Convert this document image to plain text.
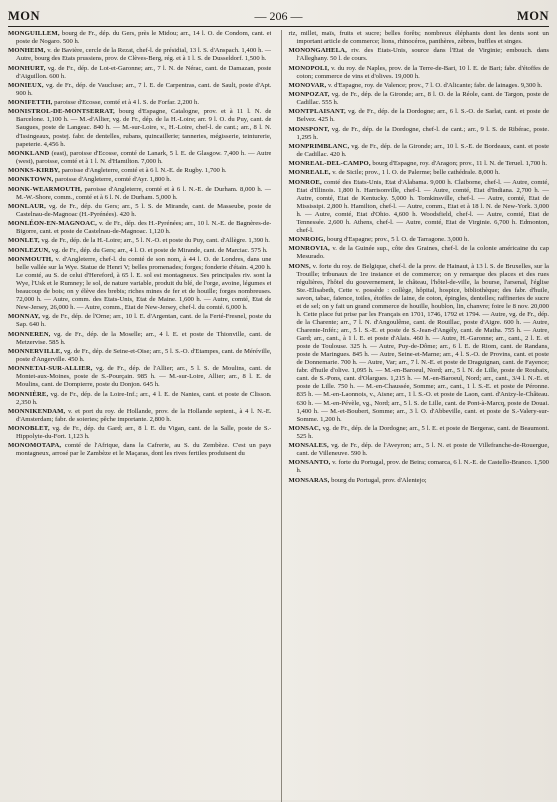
MON	— 206 —	MON

MONGUILLEM, bourg de Fr., dép. du Gers, près le Midou; arr., 14 l. O. de Condom, cant. et poste de Nogaro. 500 h.

MONHEIM, v. de Bavière, cercle de la Rezat, chef-l. de présidial, 13 l. S. d'Anspach. 1,400 h. — Autre, bourg des Etats prussiens, prov. de Clèves-Berg, rég. et à 1 l. S. de Dusseldorf. 1,500 h.

MONHURT, vg. de Fr., dép. de Lot-et-Garonne; arr., 7 l. N. de Nérac, cant. de Damazan, poste d'Aiguillon. 600 h.

MONIEUX, vg. de Fr., dép. de Vaucluse; arr., 7 l. E. de Carpentras, cant. de Sault, poste d'Apt. 900 h.

MONIFETTH, paroisse d'Ecosse, comté et à 4 l. S. de Forfar. 2,200 h.

MONISTROL-DE-MONTSERRAT, bourg d'Espagne, Catalogne, prov. et à 11 l. N. de Barcelone. 1,100 h. — M.-d'Allier, vg. de Fr., dép. de la H.-Loire; arr. 9 l. O. du Puy, cant. de Saugues, poste de Langeac. 840 h. — M.-sur-Loire, v., H.-Loire, chef-l. de cant.; arr., 8 l. N. d'Issingeaux, postej. fabr. de dentelles, rubans, quincaillerie; tanneries, mégisserie, teinturerie, papeterie. 4,456 h.

MONKLAND (east), paroisse d'Ecosse, comté de Lanark, 5 l. E. de Glasgow. 7,400 h. — Autre (west), paroisse, comté et à 1 l. N. d'Hamilton. 7,000 h.

MONKS-KIRBY, paroisse d'Angleterre, comté et à 6 l. N.-E. de Rugby. 1,700 h.

MONKTOWN, paroisse d'Angleterre, comté d'Ayr. 1,800 h.

MONK-WEARMOUTH, paroisse d'Angleterre, comté et à 6 l. N.-E. de Durham. 8,000 h. — M.-W.-Shore, comm., comté et à 6 l. N. de Durham. 5,000 h.

MONLAUR, vg. de Fr., dép. du Gers; arr., 5 l. S. de Mirande, cant. de Masseube, poste de Castelnau-de-Magnoac (H.-Pyrénées). 420 h.

MONLÉON-EN-MAGNOAC, v. de Fr., dép. des H.-Pyrénées; arr., 10 l. N.-E. de Bagnères-de-Bigorre, cant. et poste de Castelnau-de-Magnoac. 1,120 h.

MONLET, vg. de Fr., dép. de la H.-Loire; arr., 5 l. N.-O. et poste du Puy, cant. d'Allègre. 1,390 h.

MONLEZUN, vg. de Fr., dép. du Gers; arr., 4 l. O. et poste de Mirande, cant. de Marciac. 575 h.

MONMOUTH, v. d'Angleterre, chef-l. du comté de son nom, à 44 l. O. de Londres, dans une belle vallée sur la Wye. Statue de Henri V; belles promenades; forges; fonderie d'étain. 4,200 h. Le comté, au S. de celui d'Hereford, à 65 l. E. sol est montagneux. Ses principales riv. sont la Wye, l'Usk et le Rumney; le sol, de nature variable, produit du blé, de l'orge, avoine, légumes et beaucoup de bois; on y élève des brebis; riches mines de fer et de houille; forges nombreuses. 72,000 h. — Autre, comm. des Etats-Unis, Etat de Maine. 1,600 h. — Autre, comté, Etat de New-Jersey, 26,000 h. — Autre, comm., Etat de New-Jersey, chef-l. du comté. 6,000 h.

MONNAY, vg. de Fr., dép. de l'Orne; arr., 10 l. E. d'Argentan, cant. de la Ferté-Fresnel, poste du Sap. 640 h.

MONNEREN, vg. de Fr., dép. de la Moselle; arr., 4 l. E. et poste de Thionville, cant. de Metzervise. 585 h.

MONNERVILLE, vg. de Fr., dép. de Seine-et-Oise; arr., 5 l. S.-O. d'Etampes, cant. de Méréville, poste d'Angerville. 450 h.

MONNETAI-SUR-ALLIER, vg. de Fr., dép. de l'Allier; arr., 5 l. S. de Moulins, cant. de Montet-aux-Moines, poste de S.-Pourçain. 985 h. — M.-sur-Loire, Allier; arr., 8 l. E. de Moulins, cant. de Dompierre, poste du Donjon. 645 h.

MONNIÈRE, vg. de Fr., dép. de la Loire-Inf.; arr., 4 l. E. de Nantes, cant. et poste de Clisson. 2,350 h.

MONNIKENDAM, v. et port du roy. de Hollande, prov. de la Hollande septent., à 4 l. N.-E. d'Amsterdam; fabr. de soieries; pêche importante. 2,800 h.

MONOBLET, vg. de Fr., dép. du Gard; arr., 8 l. E. du Vigan, cant. de la Salle, poste de S.-Hippolyte-du-Fort. 1,123 h.

MONOMOTAPA, comté de l'Afrique, dans la Cafrerie, au S. du Zembèze. C'est un pays montagneux, arrosé par le Zambèze et le Maçaras, dont les rives fertiles produisent du

riz, millet, maïs, fruits et sucre; belles forêts; nombreux éléphants dont les dents sont un important article de commerce; lions, rhinocéros, panthères, zèbres, buffles et singes.

MONONGAHELA, riv. des Etats-Unis, source dans l'Etat de Virginie; embouch. dans l'Alleghany. 50 l. de cours.

MONOPOLI, v. du roy. de Naples, prov. de la Terre-de-Bari, 10 l. E. de Bari; fabr. d'étoffes de coton; commerce de vins et d'olives. 19,000 h.

MONOVAR, v. d'Espagne, roy. de Valence; prov., 7 l. O. d'Alicante; fabr. de lainages. 9,300 h.

MONPOZAT, vg. de Fr., dép. de la Gironde; arr., 8 l. O. de la Réole, cant. de Targon, poste de Cadillac. 555 h.

MONTPLAISANT, vg. de Fr., dép. de la Dordogne; arr., 6 l. S.-O. de Sarlat, cant. et poste de Belvez. 425 h.

MONSPONT, vg. de Fr., dép. de la Dordogne, chef-l. de cant.; arr., 9 l. S. de Ribérac, poste. 1,295 h.

MONPRIMBLANC, vg. de Fr., dép. de la Gironde; arr., 10 l. S.-E. de Bordeaux, cant. et poste de Cadillac. 420 h.

MONREAL-DEL-CAMPO, bourg d'Espagne, roy. d'Aragon; prov., 11 l. N. de Teruel. 1,700 h.

MONREALE, v. de Sicile; prov., 1 l. O. de Palerme; belle cathédrale. 8,000 h.

MONROE, comté des Etats-Unis, Etat d'Alabama. 9,000 h. Claiborne, chef-l. — Autre, comté, Etat d'Illinois. 1,800 h. Harrisonville, chef-l. — Autre, comté, Etat d'Indiana. 2,700 h. — Autre, comté, Etat de Kentucky. 5,000 h. Tomkinsville, chef-l. — Autre, comté, Etat de Mississipi. 2,800 h. Hamilton, chef-l. — Autre, comm., Etat et à 18 l. N. de New-York. 3,000 h. — Autre, comté, Etat d'Ohio. 4,600 h. Woodsfield, chef-l. — Autre, comté, Etat de Tennessée. 2,600 h. Athens, chef-l. — Autre, comté, Etat de Virginie. 6,700 h. Edmonton, chef-l.

MONROIG, bourg d'Espagne; prov., 5 l. O. de Tarragone. 3,000 h.

MONROVIA, v. de la Guinée sup., côte des Graines, chef-l. de la colonie américaine du cap Mesurado.

MONS, v. forte du roy. de Belgique, chef-l. de la prov. de Hainaut, à 13 l. S. de Bruxelles, sur la Trouille; tribunaux de 1re instance et de commerce; on y remarque des places et des rues régulières, l'hôtel du gouvernement, le château, l'hôtel-de-ville, la bourse, l'arsenal, l'église Ste.-Elisabeth, Cette v. possède : collège, hôpital, hospice, bibliothèque; des fabr. d'huile, savon, tabac, faïence, toiles, étoffes de laine, de coton, épingles, dentelles; raffineries de sucre et de sel; on y fait un grand commerce de houille, houblon, lin, chanvre; foire le 8 nov. 20,000 h. Cette place fut prise par les Français en 1701, 1746, 1792 et 1794. — Autre, vg. de Fr., dép. de la Charente; arr., 7 l. N. d'Angoulême, cant. de Rouillac, poste d'Aigre. 600 h. — Autre, Charente-Infér.; arr., 5 l. S.-E. et poste de S.-Jean-d'Angély, cant. de Matha. 755 h. — Autre, Gard; arr., cant., à 1 l. E. et poste d'Alais. 460 h. — Autre, H.-Garonne; arr., cant., 2 l. E. et poste de Toulouse. 325 h. — Autre, Puy-de-Dôme; arr., 6 l. E. de Riom, cant. de Randans, poste de Maringues. 845 h. — Autre, Seine-et-Marne; arr., 4 l. S.-O. de Provins, cant. et poste de Donnemarie. 700 h. — Autre, Var; arr., 7 l. N.-E. et poste de Draguignan, cant. de Fayence; fabr. d'huile d'olive. 1,095 h. — M.-en-Baroeul, Nord; arr., 5 l. N. de Lille, poste de Roubaix, cant. de S.-Pons, cant. d'Olargues. 1,215 h. — M.-en-Baroeul, Nord; arr., cant., 3/4 l. N.-E. et poste de Lille. 750 h. — M.-en-Chaussée, Somme; arr., cant., 1 l. S.-E. et poste de Péronne. 835 h. — M.-en-Laonnois, v., Aisne; arr., 1 l. S.-O. et poste de Laon, cant. d'Anizy-le-Château. 630 h. — M.-en-Pévèle, vg., Nord; arr., 5 l. S. de Lille, cant. de Pont-à-Marcq, poste de Douai. 1,400 h. — M.-et-Boubert, Somme; arr., 3 l. O. d'Abbeville, cant. et poste de S.-Valery-sur-Somme. 1,200 h.

MONSAC, vg. de Fr., dép. de la Dordogne; arr., 5 l. E. et poste de Bergerac, cant. de Beaumont. 525 h.

MONSALES, vg. de Fr., dép. de l'Aveyron; arr., 5 l. N. et poste de Villefranche-de-Rouergue, cant. de Villeneuve. 590 h.

MONSANTO, v. forte du Portugal, prov. de Beira; comarca, 6 l. N.-E. de Castello-Branco. 1,500 h.

MONSARAS, bourg du Portugal, prov. d'Alentejo;
